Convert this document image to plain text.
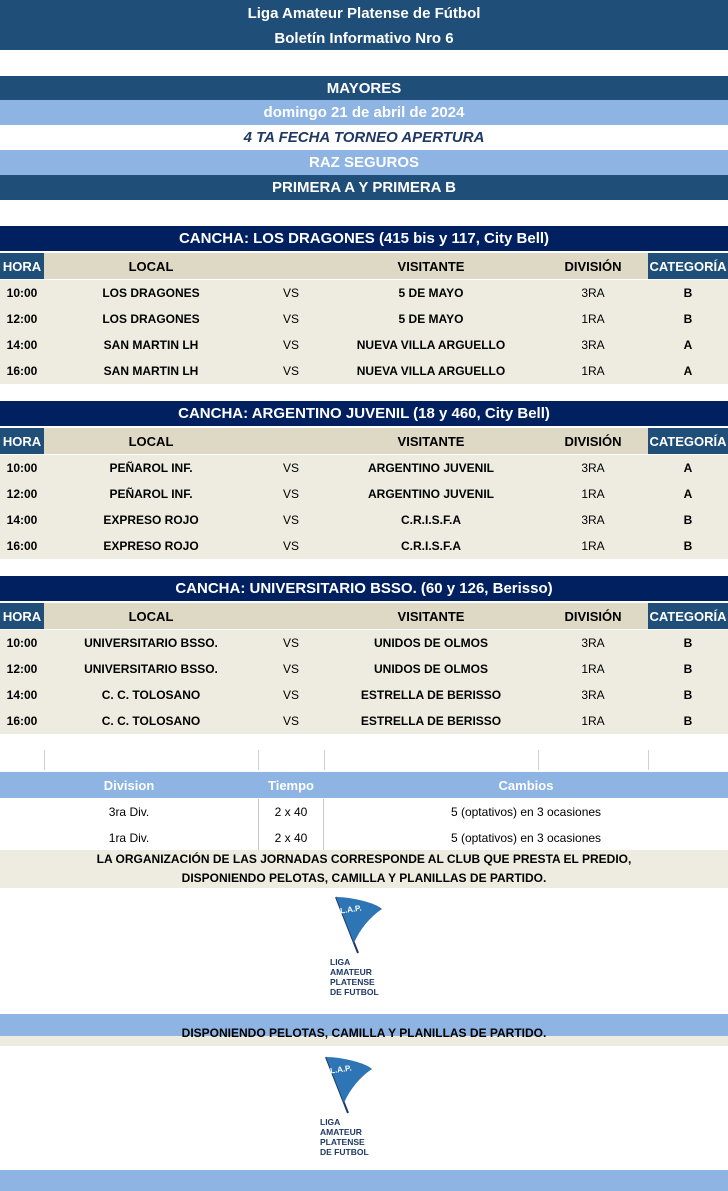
Liga Amateur Platense de Fútbol
Boletín Informativo Nro 6
MAYORES
domingo 21 de abril de 2024
4 TA FECHA TORNEO APERTURA
RAZ SEGUROS
PRIMERA A Y PRIMERA B
CANCHA: LOS DRAGONES (415 bis y 117, City Bell)
HORA	LOCAL	VISITANTE	DIVISIÓN	CATEGORÍA
10:00	LOS DRAGONES	VS	5 DE MAYO	3RA	B
12:00	LOS DRAGONES	VS	5 DE MAYO	1RA	B
14:00	SAN MARTIN LH	VS	NUEVA VILLA ARGUELLO	3RA	A
16:00	SAN MARTIN LH	VS	NUEVA VILLA ARGUELLO	1RA	A
CANCHA: ARGENTINO JUVENIL (18 y 460, City Bell)
HORA	LOCAL	VISITANTE	DIVISIÓN	CATEGORÍA
10:00	PEÑAROL INF.	VS	ARGENTINO JUVENIL	3RA	A
12:00	PEÑAROL INF.	VS	ARGENTINO JUVENIL	1RA	A
14:00	EXPRESO ROJO	VS	C.R.I.S.F.A	3RA	B
16:00	EXPRESO ROJO	VS	C.R.I.S.F.A	1RA	B
CANCHA: UNIVERSITARIO BSSO. (60 y 126, Berisso)
HORA	LOCAL	VISITANTE	DIVISIÓN	CATEGORÍA
10:00	UNIVERSITARIO BSSO.	VS	UNIDOS DE OLMOS	3RA	B
12:00	UNIVERSITARIO BSSO.	VS	UNIDOS DE OLMOS	1RA	B
14:00	C. C. TOLOSANO	VS	ESTRELLA DE BERISSO	3RA	B
16:00	C. C. TOLOSANO	VS	ESTRELLA DE BERISSO	1RA	B
Division	Tiempo	Cambios
3ra Div.	2 x 40	5 (optativos) en 3 ocasiones
1ra Div.	2 x 40	5 (optativos) en 3 ocasiones
LA ORGANIZACIÓN DE LAS JORNADAS CORRESPONDE AL CLUB QUE PRESTA EL PREDIO,
DISPONIENDO PELOTAS, CAMILLA Y PLANILLAS DE PARTIDO.
L.A.P.
LIGA
AMATEUR
PLATENSE
DE FUTBOL
DISPONIENDO PELOTAS, CAMILLA Y PLANILLAS DE PARTIDO.
L.A.P.
LIGA
AMATEUR
PLATENSE
DE FUTBOL
